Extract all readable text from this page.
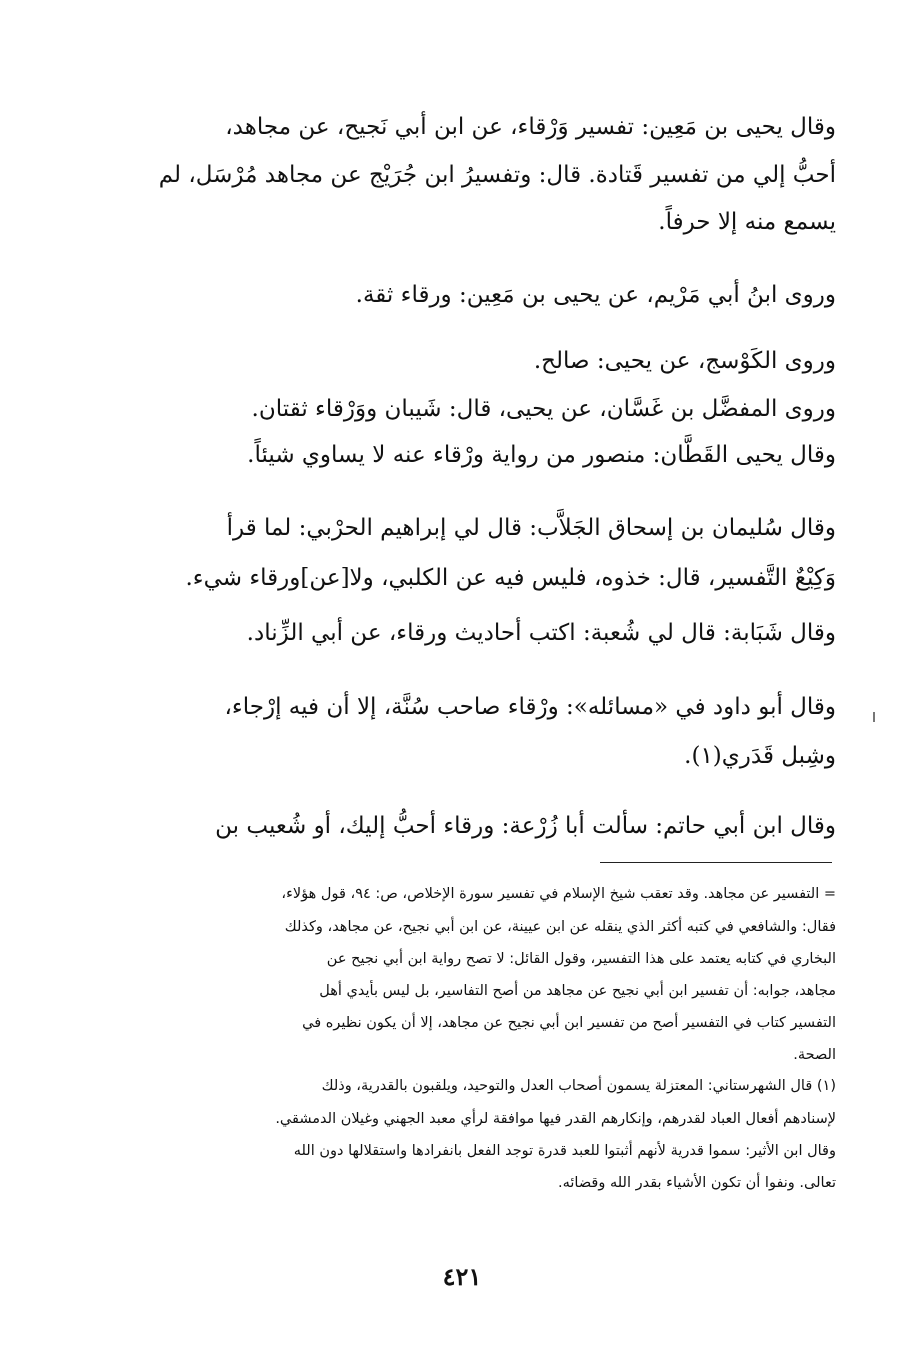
وقال يحيى بن مَعِين: تفسير وَرْقاء، عن ابن أبي نَجيح، عن مجاهد،
أحبُّ إلي من تفسير قَتادة. قال: وتفسيرُ ابن جُرَيْج عن مجاهد مُرْسَل، لم
يسمع منه إلا حرفاً.
وروى ابنُ أبي مَرْيم، عن يحيى بن مَعِين: ورقاء ثقة.
وروى الكَوْسج، عن يحيى: صالح.
وروى المفضَّل بن غَسَّان، عن يحيى، قال: شَيبان ووَرْقاء ثقتان.
وقال يحيى القَطَّان: منصور من رواية ورْقاء عنه لا يساوي شيئاً.
وقال سُليمان بن إسحاق الجَلاَّب: قال لي إبراهيم الحرْبي: لما قرأ
وَكِيْعٌ التَّفسير، قال: خذوه، فليس فيه عن الكلبي، ولا[عن]ورقاء شيء.
وقال شَبَابة: قال لي شُعبة: اكتب أحاديث ورقاء، عن أبي الزِّناد.
وقال أبو داود في «مسائله»: ورْقاء صاحب سُنَّة، إلا أن فيه إرْجاء،
وشِبل قَدَري(١).
وقال ابن أبي حاتم: سألت أبا زُرْعة: ورقاء أحبُّ إليك، أو شُعيب بن
= التفسير عن مجاهد. وقد تعقب شيخ الإسلام في تفسير سورة الإخلاص، ص: ٩٤، قول هؤلاء،
فقال: والشافعي في كتبه أكثر الذي ينقله عن ابن عيينة، عن ابن أبي نجيح، عن مجاهد، وكذلك
البخاري في كتابه يعتمد على هذا التفسير، وقول القائل: لا تصح رواية ابن أبي نجيح عن
مجاهد، جوابه: أن تفسير ابن أبي نجيح عن مجاهد من أصح التفاسير، بل ليس بأيدي أهل
التفسير كتاب في التفسير أصح من تفسير ابن أبي نجيح عن مجاهد، إلا أن يكون نظيره في
الصحة.
(١) قال الشهرستاني: المعتزلة يسمون أصحاب العدل والتوحيد، ويلقبون بالقدرية، وذلك
لإسنادهم أفعال العباد لقدرهم، وإنكارهم القدر فيها موافقة لرأي معبد الجهني وغيلان الدمشقي.
وقال ابن الأثير: سموا قدرية لأنهم أثبتوا للعبد قدرة توجد الفعل بانفرادها واستقلالها دون الله
تعالى. ونفوا أن تكون الأشياء بقدر الله وقضائه.
٤٢١
